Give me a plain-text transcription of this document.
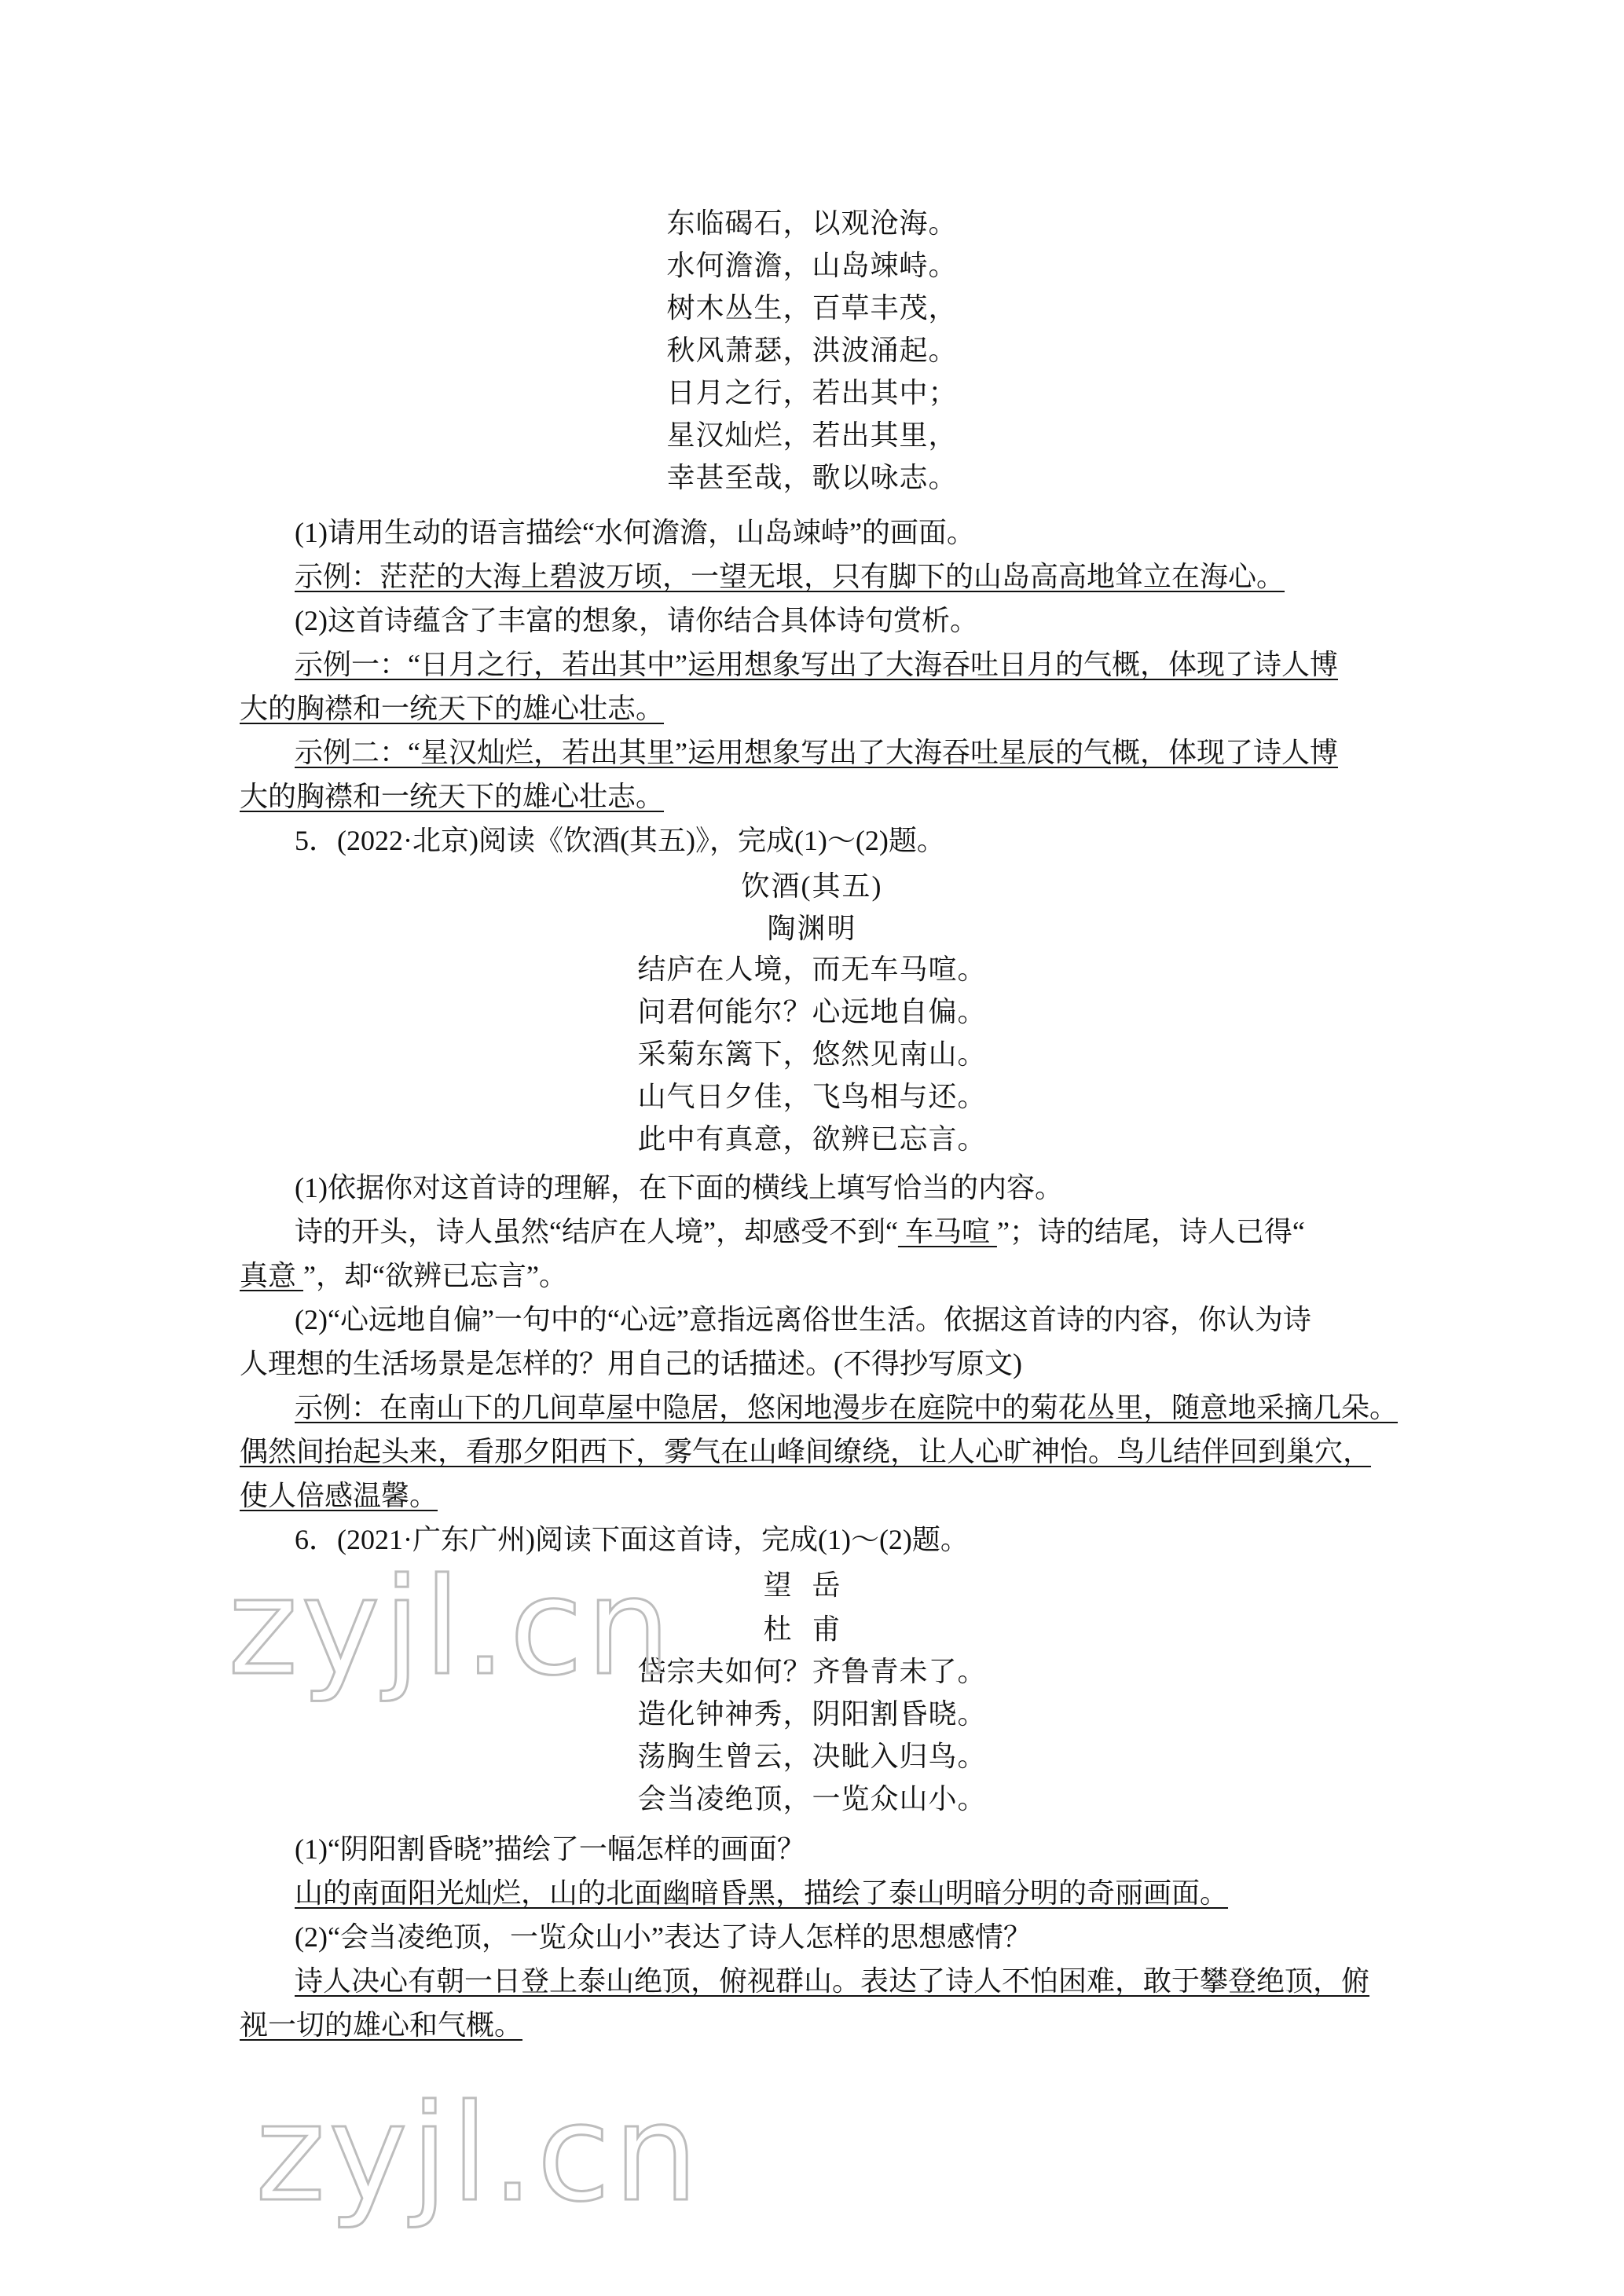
东临碣石，以观沧海。
水何澹澹，山岛竦峙。
树木丛生，百草丰茂，
秋风萧瑟，洪波涌起。
日月之行，若出其中；
星汉灿烂，若出其里，
幸甚至哉，歌以咏志。
(1)请用生动的语言描绘“水何澹澹，山岛竦峙”的画面。
示例：茫茫的大海上碧波万顷，一望无垠，只有脚下的山岛高高地耸立在海心。
(2)这首诗蕴含了丰富的想象，请你结合具体诗句赏析。
示例一：“日月之行，若出其中”运用想象写出了大海吞吐日月的气概，体现了诗人博
大的胸襟和一统天下的雄心壮志。
示例二：“星汉灿烂，若出其里”运用想象写出了大海吞吐星辰的气概，体现了诗人博
大的胸襟和一统天下的雄心壮志。
5．(2022·北京)阅读《饮酒(其五)》，完成(1)～(2)题。
饮酒(其五)
陶渊明
结庐在人境，而无车马喧。
问君何能尔？心远地自偏。
采菊东篱下，悠然见南山。
山气日夕佳，飞鸟相与还。
此中有真意，欲辨已忘言。
(1)依据你对这首诗的理解，在下面的横线上填写恰当的内容。
诗的开头，诗人虽然“结庐在人境”，却感受不到“ 车马喧 ”；诗的结尾，诗人已得“
真意 ”，却“欲辨已忘言”。
(2)“心远地自偏”一句中的“心远”意指远离俗世生活。依据这首诗的内容，你认为诗
人理想的生活场景是怎样的？用自己的话描述。(不得抄写原文)
示例：在南山下的几间草屋中隐居，悠闲地漫步在庭院中的菊花丛里，随意地采摘几朵。
偶然间抬起头来，看那夕阳西下，雾气在山峰间缭绕，让人心旷神怡。鸟儿结伴回到巢穴，
使人倍感温馨。
6．(2021·广东广州)阅读下面这首诗，完成(1)～(2)题。
望岳
杜甫
岱宗夫如何？齐鲁青未了。
造化钟神秀，阴阳割昏晓。
荡胸生曾云，决眦入归鸟。
会当凌绝顶，一览众山小。
(1)“阴阳割昏晓”描绘了一幅怎样的画面？
山的南面阳光灿烂，山的北面幽暗昏黑，描绘了泰山明暗分明的奇丽画面。
(2)“会当凌绝顶，一览众山小”表达了诗人怎样的思想感情？
诗人决心有朝一日登上泰山绝顶，俯视群山。表达了诗人不怕困难，敢于攀登绝顶，俯
视一切的雄心和气概。
zyjl.cn
zyjl.cn
